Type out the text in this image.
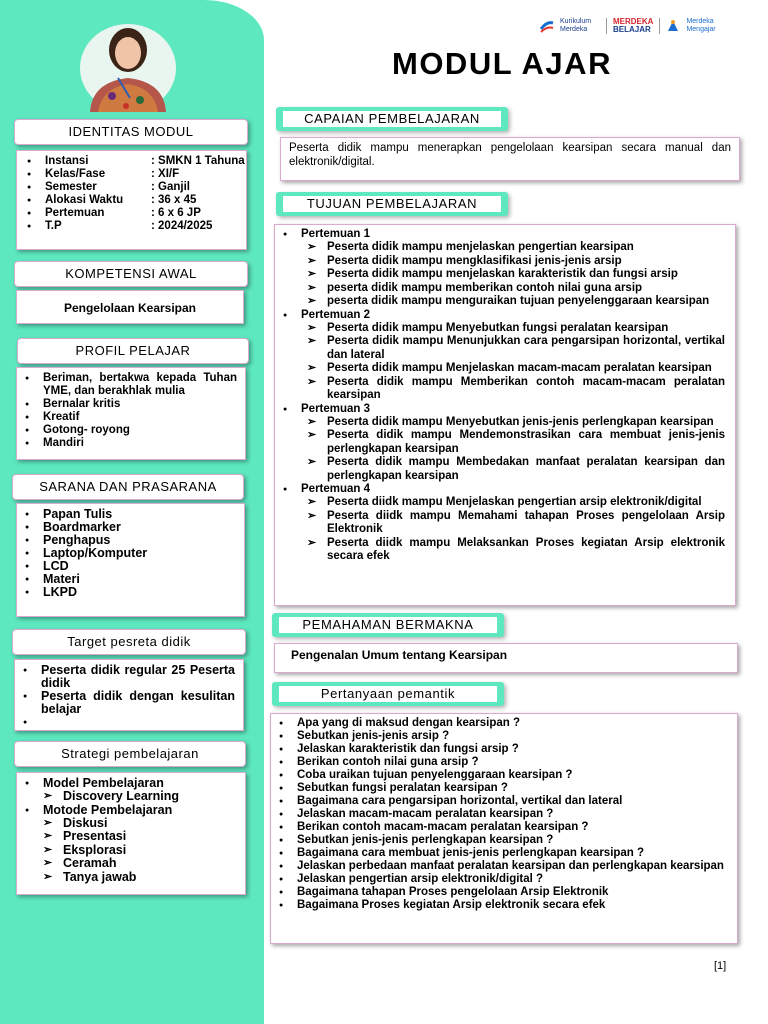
Kurikulum Merdeka
MERDEKA
BELAJAR
Merdeka Mengajar
MODUL AJAR
IDENTITAS MODUL
● Instansi	: SMKN 1 Tahuna
● Kelas/Fase	: XI/F
● Semester	: Ganjil
● Alokasi Waktu	: 36 x 45
● Pertemuan	: 6 x 6 JP
● T.P	: 2024/2025
KOMPETENSI AWAL
Pengelolaan Kearsipan
PROFIL PELAJAR
● Beriman, bertakwa kepada Tuhan YME, dan berakhlak mulia
● Bernalar kritis
● Kreatif
● Gotong- royong
● Mandiri
SARANA DAN PRASARANA
● Papan Tulis
● Boardmarker
● Penghapus
● Laptop/Komputer
● LCD
● Materi
● LKPD
Target pesreta didik
● Peserta didik regular 25 Peserta didik
● Peserta didik dengan kesulitan belajar
●
Strategi pembelajaran
● Model Pembelajaran
➢ Discovery Learning
● Motode Pembelajaran
➢ Diskusi
➢ Presentasi
➢ Eksplorasi
➢ Ceramah
➢ Tanya jawab
CAPAIAN PEMBELAJARAN
Peserta didik mampu menerapkan pengelolaan kearsipan secara manual dan elektronik/digital.
TUJUAN PEMBELAJARAN
● Pertemuan 1
➢ Peserta didik mampu menjelaskan pengertian kearsipan
➢ Peserta didik mampu mengklasifikasi jenis-jenis arsip
➢ Peserta didik mampu menjelaskan karakteristik dan fungsi arsip
➢ peserta didik mampu memberikan contoh nilai guna arsip
➢ peserta didik mampu menguraikan tujuan penyelenggaraan kearsipan
● Pertemuan 2
➢ Peserta didik mampu Menyebutkan fungsi peralatan kearsipan
➢ Peserta didik mampu Menunjukkan cara pengarsipan horizontal, vertikal dan lateral
➢ Peserta didik mampu Menjelaskan macam-macam peralatan kearsipan
➢ Peserta didik mampu Memberikan contoh macam-macam peralatan kearsipan
● Pertemuan 3
➢ Peserta didik mampu Menyebutkan jenis-jenis perlengkapan kearsipan
➢ Peserta didik mampu Mendemonstrasikan cara membuat jenis-jenis perlengkapan kearsipan
➢ Peserta didik mampu Membedakan manfaat peralatan kearsipan dan perlengkapan kearsipan
● Pertemuan 4
➢ Peserta diidk mampu Menjelaskan pengertian arsip elektronik/digital
➢ Peserta diidk mampu Memahami tahapan Proses pengelolaan Arsip Elektronik
➢ Peserta diidk mampu Melaksankan Proses kegiatan Arsip elektronik secara efek
PEMAHAMAN BERMAKNA
Pengenalan Umum tentang Kearsipan
Pertanyaan pemantik
● Apa yang di maksud dengan kearsipan ?
● Sebutkan jenis-jenis arsip ?
● Jelaskan karakteristik dan fungsi arsip ?
● Berikan contoh nilai guna arsip ?
● Coba uraikan tujuan penyelenggaraan kearsipan ?
● Sebutkan fungsi peralatan kearsipan ?
● Bagaimana cara pengarsipan horizontal, vertikal dan lateral
● Jelaskan macam-macam peralatan kearsipan ?
● Berikan contoh macam-macam peralatan kearsipan ?
● Sebutkan jenis-jenis perlengkapan kearsipan ?
● Bagaimana cara membuat jenis-jenis perlengkapan kearsipan ?
● Jelaskan perbedaan manfaat peralatan kearsipan dan perlengkapan kearsipan
● Jelaskan pengertian arsip elektronik/digital ?
● Bagaimana tahapan Proses pengelolaan Arsip Elektronik
● Bagaimana Proses kegiatan Arsip elektronik secara efek
[1]
